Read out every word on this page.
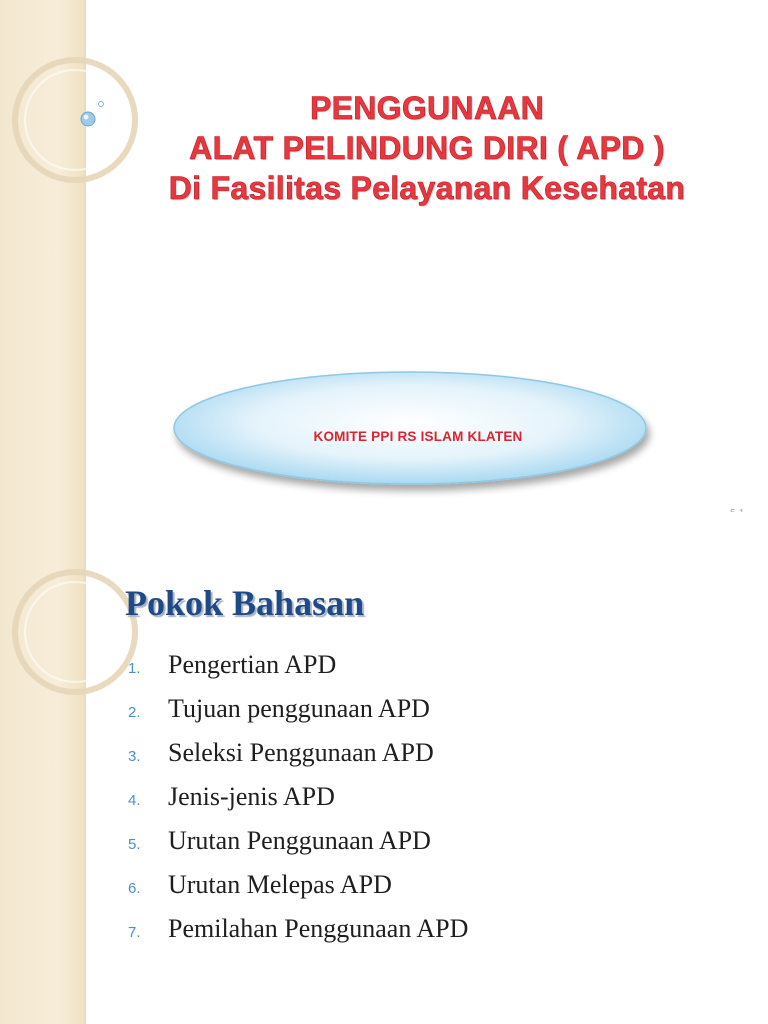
PENGGUNAAN
ALAT PELINDUNG DIRI ( APD )
Di Fasilitas Pelayanan Kesehatan
KOMITE PPI RS ISLAM KLATEN
Pokok Bahasan
1.	Pengertian APD
2.	Tujuan penggunaan APD
3.	Seleksi Penggunaan APD
4.	Jenis-jenis APD
5.	Urutan Penggunaan APD
6.	Urutan Melepas APD
7.	Pemilahan Penggunaan APD
